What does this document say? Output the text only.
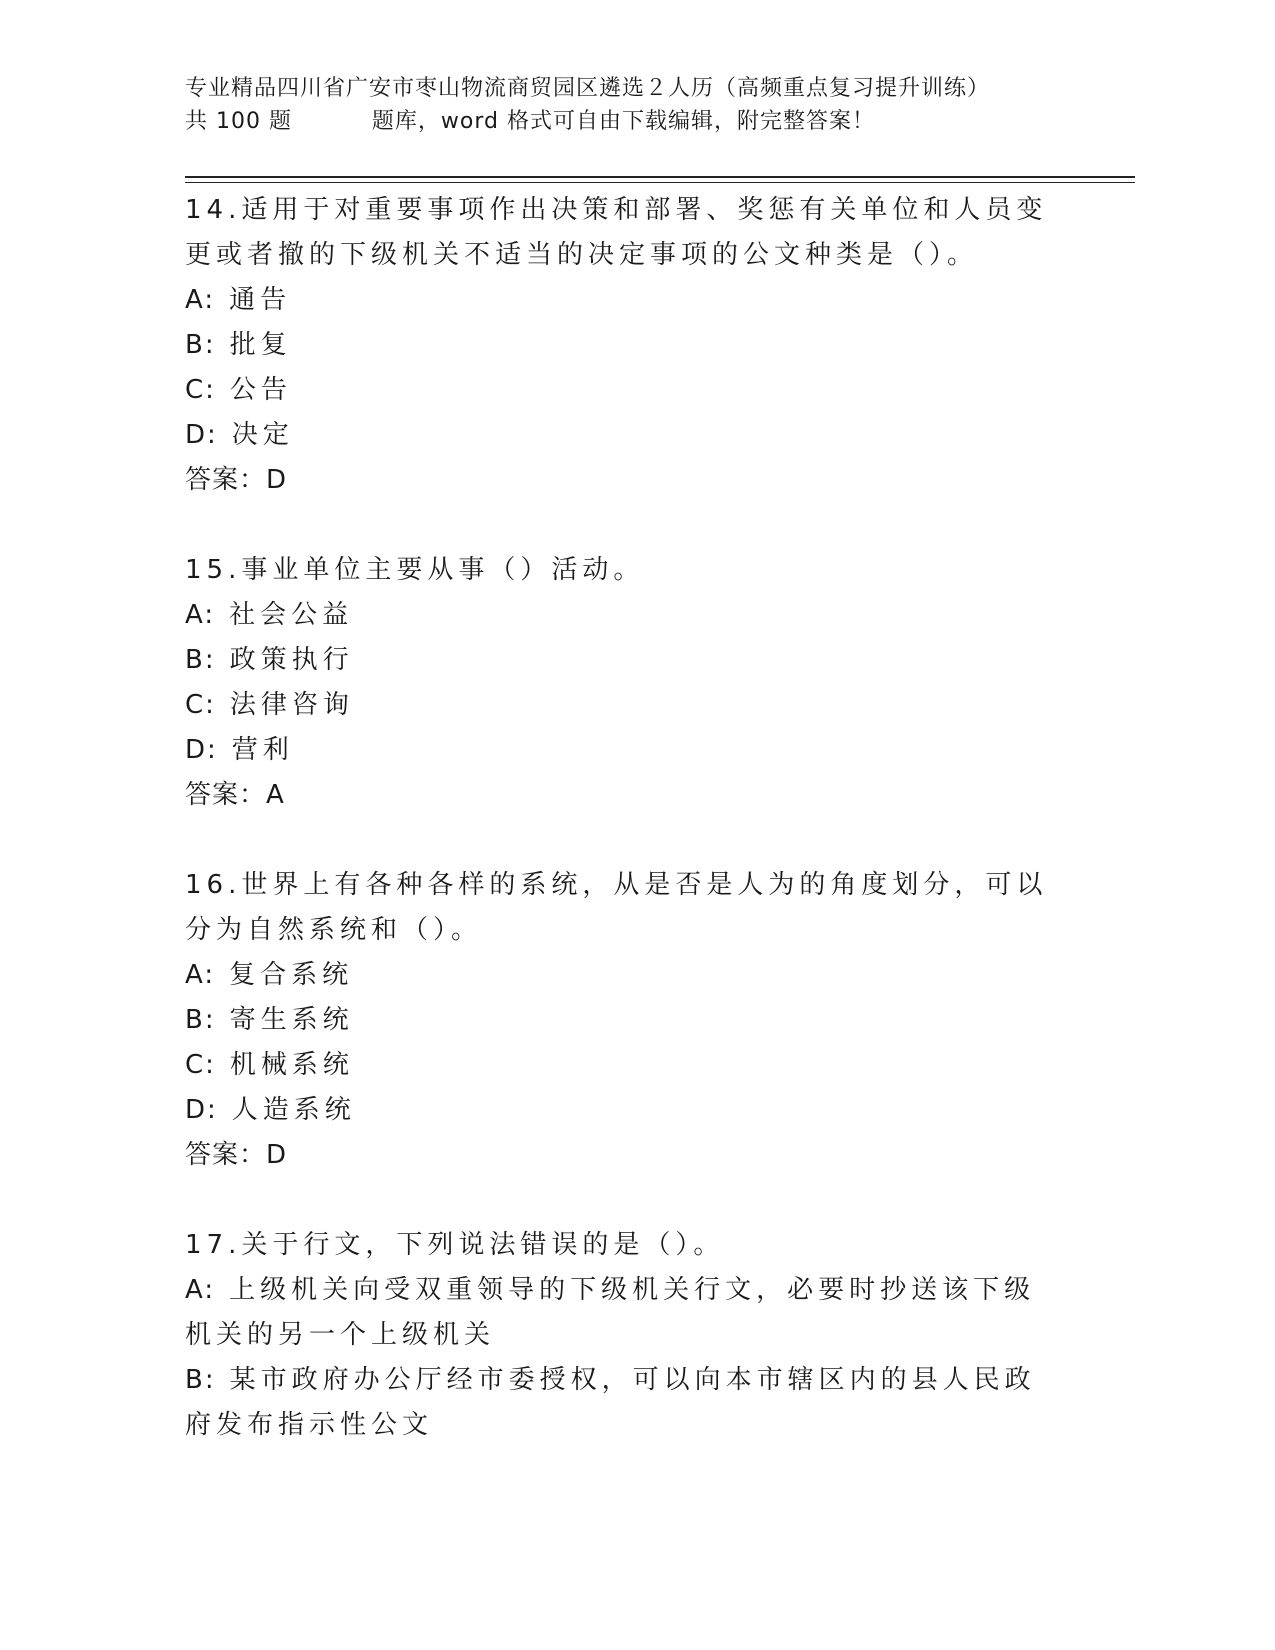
专业精品四川省广安市枣山物流商贸园区遴选２人历（高频重点复习提升训练）
共 100 题          题库，word 格式可自由下载编辑，附完整答案！

14.适用于对重要事项作出决策和部署、奖惩有关单位和人员变更或者撤的下级机关不适当的决定事项的公文种类是（）。

A: 通告

B: 批复

C: 公告

D: 决定

答案：D

15.事业单位主要从事（）活动。

A: 社会公益

B: 政策执行

C: 法律咨询

D: 营利

答案：A

16.世界上有各种各样的系统，从是否是人为的角度划分，可以分为自然系统和（）。

A: 复合系统

B: 寄生系统

C: 机械系统

D: 人造系统

答案：D

17.关于行文，下列说法错误的是（）。

A: 上级机关向受双重领导的下级机关行文，必要时抄送该下级机关的另一个上级机关

B: 某市政府办公厅经市委授权，可以向本市辖区内的县人民政府发布指示性公文
